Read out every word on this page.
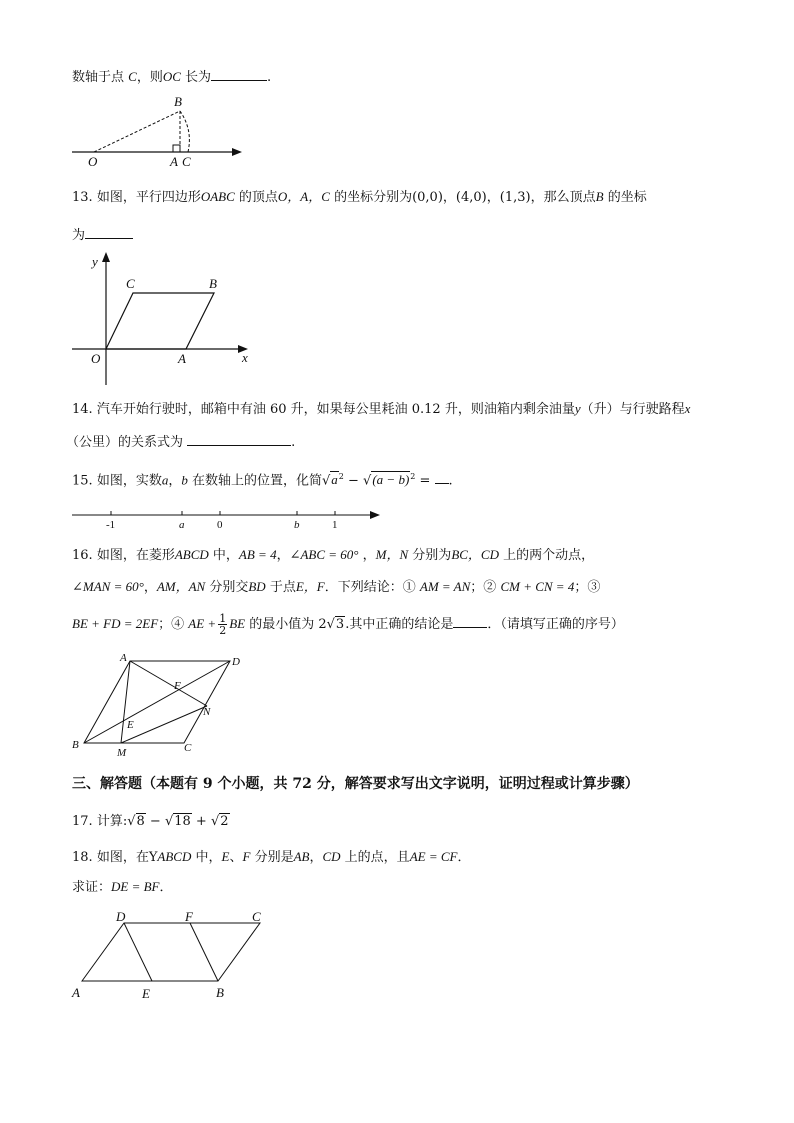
数轴于点 C，则OC 长为	.
B
O	A C
13. 如图，平行四边形OABC 的顶点O，A，C 的坐标分别为(0,0)，(4,0)，(1,3)，那么顶点B 的坐标
为
y
x
C	B
O	A
14. 汽车开始行驶时，邮箱中有油 60 升，如果每公里耗油 0.12 升，则油箱内剩余油量y（升）与行驶路程x
（公里）的关系式为	.
15. 如图，实数a，b 在数轴上的位置，化简$√a^2 - √(a - b)^2$ = .
-1	a	0	b	1
16. 如图，在菱形ABCD 中，AB = 4，∠ABC = 60° ，M，N 分别为BC，CD 上的两个动点，
∠MAN = 60°，AM，AN 分别交BD 于点E，F．下列结论：① AM = AN；② CM + CN = 4；③
BE + FD = 2EF；④ AE + $\frac{1}{2}$ BE 的最小值为 2√3.其中正确的结论是	．（请填写正确的序号）
A	D
F
N
E
B
M	C
三、解答题（本题有 9 个小题，共 72 分，解答要求写出文字说明，证明过程或计算步骤）
17. 计算:√8 − √18 + √2
18. 如图，在YABCD 中，E、F 分别是AB，CD 上的点，且AE = CF．
求证：DE = BF．
D	F	C
A	E	B
